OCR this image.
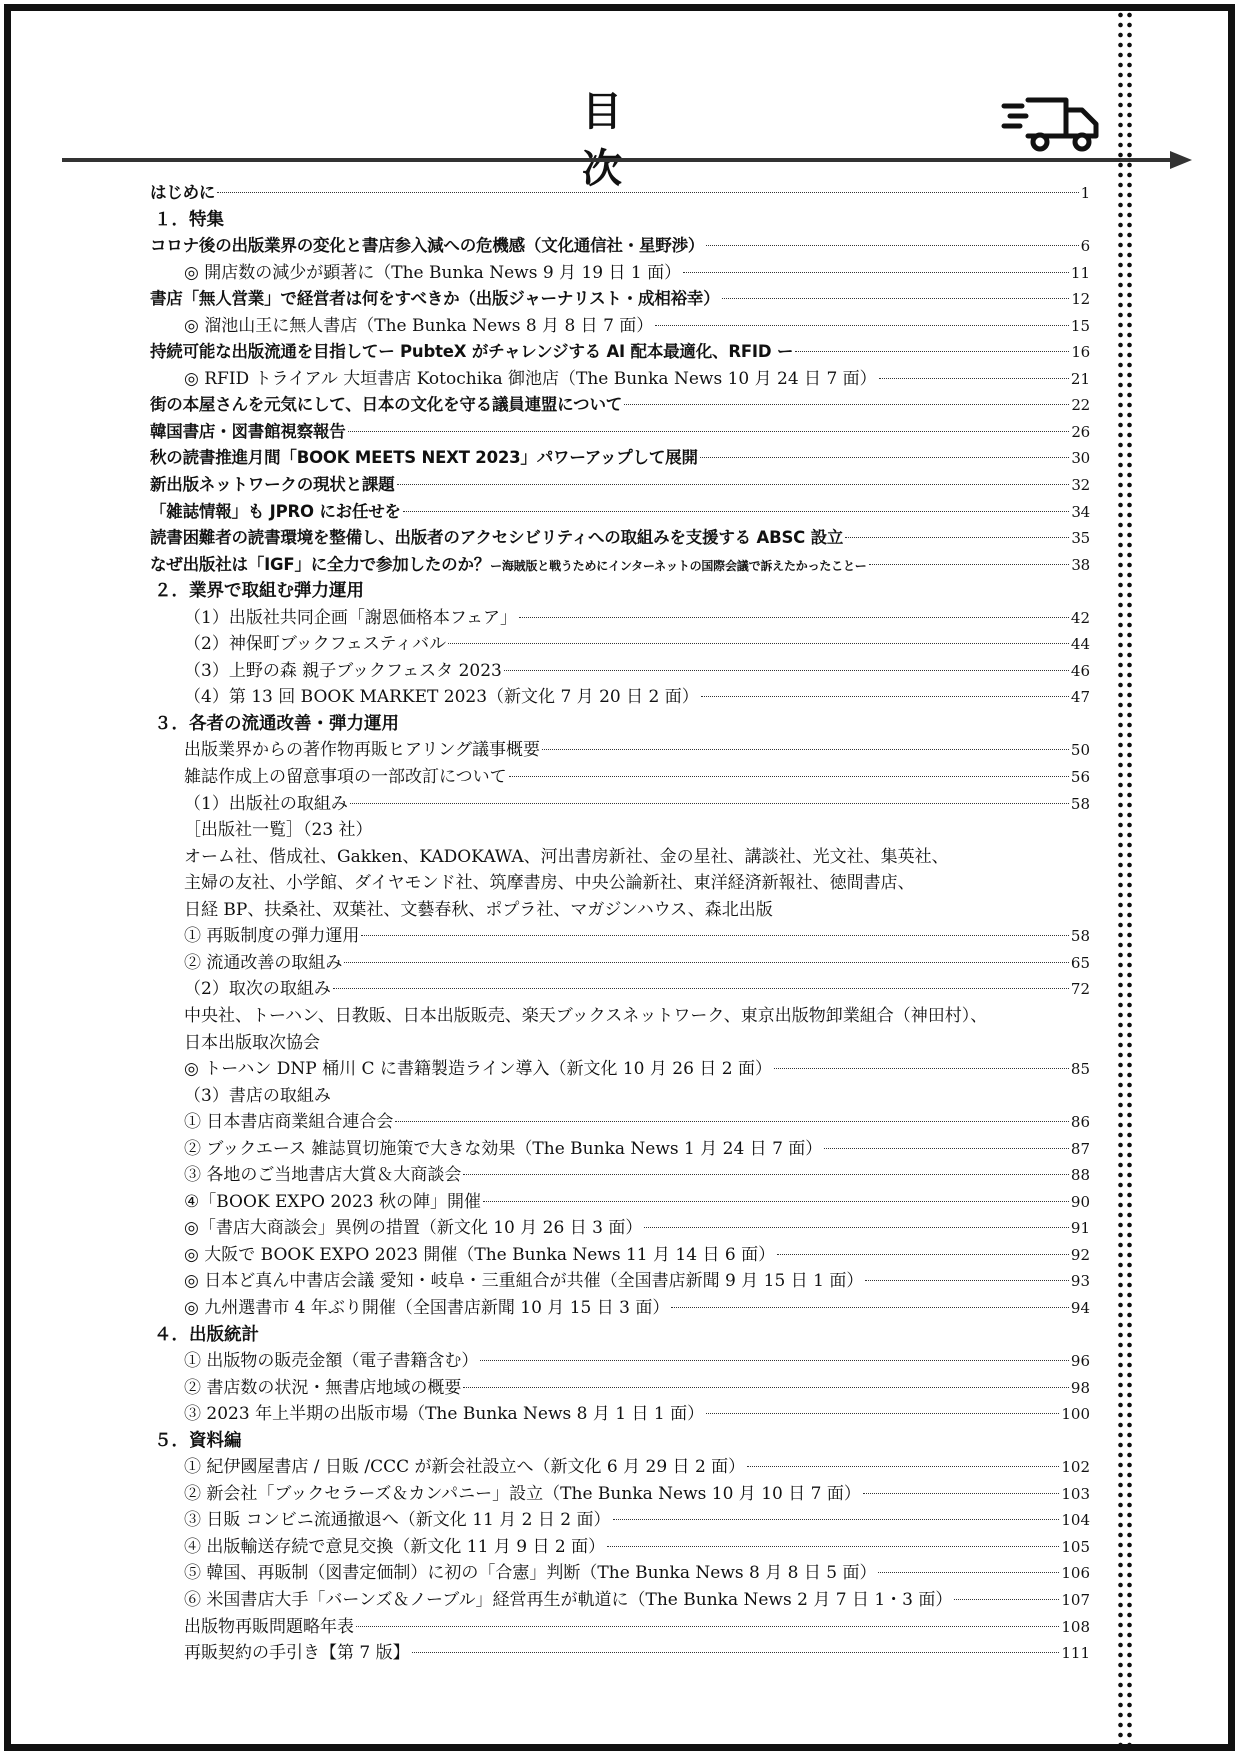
目　次
はじめに	1
１．特集
コロナ後の出版業界の変化と書店参入減への危機感（文化通信社・星野渉）	6
◎ 開店数の減少が顕著に（The Bunka News 9 月 19 日 1 面）	11
書店「無人営業」で経営者は何をすべきか（出版ジャーナリスト・成相裕幸）	12
◎ 溜池山王に無人書店（The Bunka News 8 月 8 日 7 面）	15
持続可能な出版流通を目指してー PubteX がチャレンジする AI 配本最適化、RFID ー	16
◎ RFID トライアル 大垣書店 Kotochika 御池店（The Bunka News 10 月 24 日 7 面）	21
街の本屋さんを元気にして、日本の文化を守る議員連盟について	22
韓国書店・図書館視察報告	26
秋の読書推進月間「BOOK MEETS NEXT 2023」パワーアップして展開	30
新出版ネットワークの現状と課題	32
「雑誌情報」も JPRO にお任せを	34
読書困難者の読書環境を整備し、出版者のアクセシビリティへの取組みを支援する ABSC 設立	35
なぜ出版社は「IGF」に全力で参加したのか？ ー海賊版と戦うためにインターネットの国際会議で訴えたかったことー	38
２．業界で取組む弾力運用
（1）出版社共同企画「謝恩価格本フェア」	42
（2）神保町ブックフェスティバル	44
（3）上野の森 親子ブックフェスタ 2023	46
（4）第 13 回 BOOK MARKET 2023（新文化 7 月 20 日 2 面）	47
３．各者の流通改善・弾力運用
出版業界からの著作物再販ヒアリング議事概要	50
雑誌作成上の留意事項の一部改訂について	56
（1）出版社の取組み	58
［出版社一覧］（23 社）
オーム社、偕成社、Gakken、KADOKAWA、河出書房新社、金の星社、講談社、光文社、集英社、
主婦の友社、小学館、ダイヤモンド社、筑摩書房、中央公論新社、東洋経済新報社、徳間書店、
日経 BP、扶桑社、双葉社、文藝春秋、ポプラ社、マガジンハウス、森北出版
① 再販制度の弾力運用	58
② 流通改善の取組み	65
（2）取次の取組み	72
中央社、トーハン、日教販、日本出版販売、楽天ブックスネットワーク、東京出版物卸業組合（神田村）、
日本出版取次協会
◎ トーハン DNP 桶川 C に書籍製造ライン導入（新文化 10 月 26 日 2 面）	85
（3）書店の取組み
① 日本書店商業組合連合会	86
② ブックエース 雑誌買切施策で大きな効果（The Bunka News 1 月 24 日 7 面）	87
③ 各地のご当地書店大賞＆大商談会	88
④「BOOK EXPO 2023 秋の陣」開催	90
◎「書店大商談会」異例の措置（新文化 10 月 26 日 3 面）	91
◎ 大阪で BOOK EXPO 2023 開催（The Bunka News 11 月 14 日 6 面）	92
◎ 日本ど真ん中書店会議 愛知・岐阜・三重組合が共催（全国書店新聞 9 月 15 日 1 面）	93
◎ 九州選書市 4 年ぶり開催（全国書店新聞 10 月 15 日 3 面）	94
４．出版統計
① 出版物の販売金額（電子書籍含む）	96
② 書店数の状況・無書店地域の概要	98
③ 2023 年上半期の出版市場（The Bunka News 8 月 1 日 1 面）	100
５．資料編
① 紀伊國屋書店 / 日販 /CCC が新会社設立へ（新文化 6 月 29 日 2 面）	102
② 新会社「ブックセラーズ＆カンパニー」設立（The Bunka News 10 月 10 日 7 面）	103
③ 日販 コンビニ流通撤退へ（新文化 11 月 2 日 2 面）	104
④ 出版輸送存続で意見交換（新文化 11 月 9 日 2 面）	105
⑤ 韓国、再販制（図書定価制）に初の「合憲」判断（The Bunka News 8 月 8 日 5 面）	106
⑥ 米国書店大手「バーンズ＆ノーブル」経営再生が軌道に（The Bunka News 2 月 7 日 1・3 面）	107
出版物再販問題略年表	108
再販契約の手引き【第 7 版】	111
